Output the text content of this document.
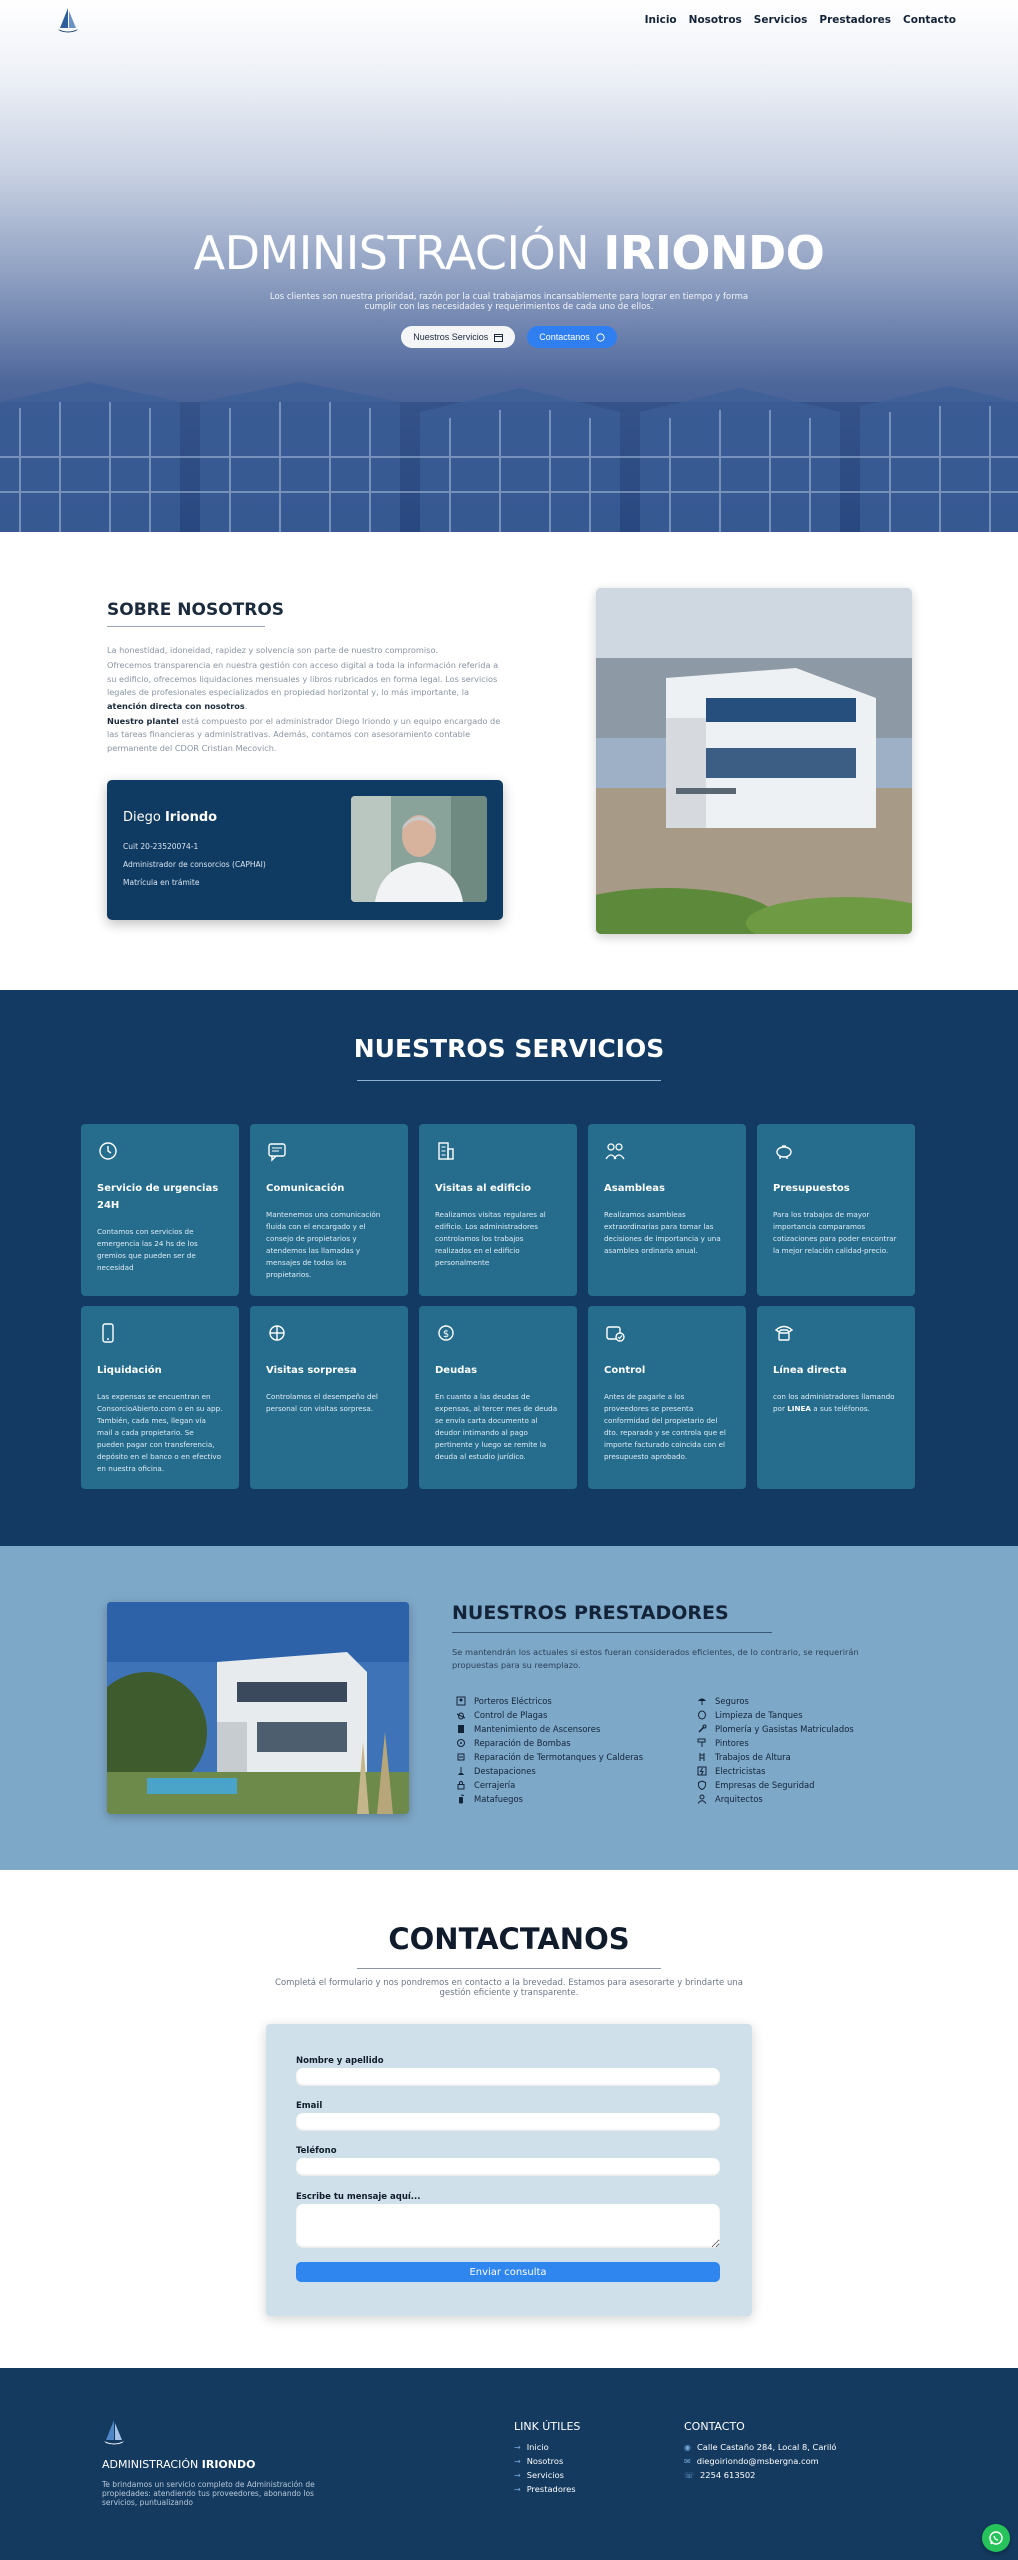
Inicio Nosotros Servicios Prestadores Contacto
ADMINISTRACIÓN IRIONDO

Los clientes son nuestra prioridad, razón por la cual trabajamos incansablemente para lograr en tiempo y forma cumplir con las necesidades y requerimientos de cada uno de ellos.

Nuestros Servicios	Contactanos
SOBRE NOSOTROS

La honestidad, idoneidad, rapidez y solvencia son parte de nuestro compromiso.

Ofrecemos transparencia en nuestra gestión con acceso digital a toda la información referida a su edificio, ofrecemos liquidaciones mensuales y libros rubricados en forma legal. Los servicios legales de profesionales especializados en propiedad horizontal y, lo más importante, la atención directa con nosotros.

Nuestro plantel está compuesto por el administrador Diego Iriondo y un equipo encargado de las tareas financieras y administrativas. Además, contamos con asesoramiento contable permanente del CDOR Cristian Mecovich.

Diego Iriondo
Cuit 20-23520074-1
Administrador de consorcios (CAPHAI)
Matrícula en trámite
NUESTROS SERVICIOS
Servicio de urgencias 24H

Contamos con servicios de emergencia las 24 hs de los gremios que pueden ser de necesidad

Comunicación

Mantenemos una comunicación fluida con el encargado y el consejo de propietarios y atendemos las llamadas y mensajes de todos los propietarios.

Visitas al edificio

Realizamos visitas regulares al edificio. Los administradores controlamos los trabajos realizados en el edificio personalmente

Asambleas

Realizamos asambleas extraordinarias para tomar las decisiones de importancia y una asamblea ordinaria anual.

Presupuestos

Para los trabajos de mayor importancia comparamos cotizaciones para poder encontrar la mejor relación calidad-precio.

Liquidación

Las expensas se encuentran en ConsorcioAbierto.com o en su app. También, cada mes, llegan vía mail a cada propietario. Se pueden pagar con transferencia, depósito en el banco o en efectivo en nuestra oficina.

Visitas sorpresa

Controlamos el desempeño del personal con visitas sorpresa.

$
Deudas

En cuanto a las deudas de expensas, al tercer mes de deuda se envía carta documento al deudor intimando al pago pertinente y luego se remite la deuda al estudio jurídico.

Control

Antes de pagarle a los proveedores se presenta conformidad del propietario del dto. reparado y se controla que el importe facturado coincida con el presupuesto aprobado.

Línea directa

con los administradores llamando por LINEA a sus teléfonos.

NUESTROS PRESTADORES

Se mantendrán los actuales si estos fueran considerados eficientes, de lo contrario, se requerirán propuestas para su reemplazo.

Porteros Eléctricos
Control de Plagas
Mantenimiento de Ascensores
Reparación de Bombas
Reparación de Termotanques y Calderas
Destapaciones
Cerrajería
Matafuegos
Seguros
Limpieza de Tanques
Plomería y Gasistas Matriculados
Pintores
Trabajos de Altura
Electricistas
Empresas de Seguridad
Arquitectos
CONTACTANOS

Completá el formulario y nos pondremos en contacto a la brevedad. Estamos para asesorarte y brindarte una gestión eficiente y transparente.

Nombre y apellido
Email
Teléfono
Escribe tu mensaje aquí...
Enviar consulta
ADMINISTRACIÓN IRIONDO

Te brindamos un servicio completo de Administración de propiedades: atendiendo tus proveedores, abonando los servicios, puntualizando

LINK ÚTILES
→ Inicio
→ Nosotros
→ Servicios
→ Prestadores
CONTACTO
◉ Calle Castaño 284, Local 8, Cariló
✉ diegoiriondo@msbergna.com
☏ 2254 613502
